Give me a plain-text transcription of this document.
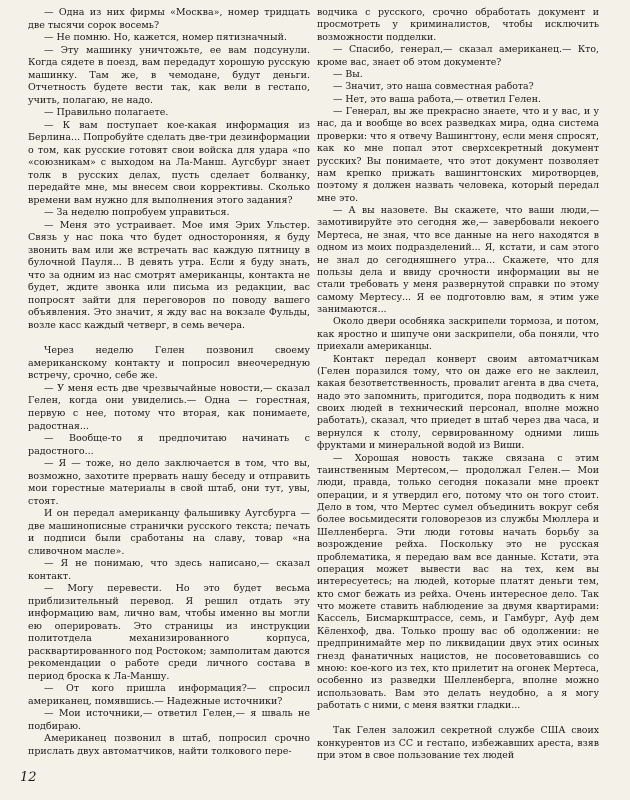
— Одна из них фирмы «Москва», номер тридцать две тысячи сорок восемь?

— Не помню. Но, кажется, номер пятизначный.

— Эту машинку уничтожьте, ее вам подсунули. Когда сядете в поезд, вам передадут хорошую русскую машинку. Там же, в чемодане, будут деньги. Отчетность будете вести так, как вели в гестапо, учить, полагаю, не надо.

— Правильно полагаете.

— К вам поступает кое-какая информация из Берлина... Попробуйте сделать две-три дезинформации о том, как русские готовят свои войска для удара «по «союзникам» с выходом на Ла-Манш. Аугсбург знает толк в русских делах, пусть сделает болванку, передайте мне, мы внесем свои коррективы. Сколько времени вам нужно для выполнения этого задания?

— За неделю попробуем управиться.

— Меня это устраивает. Мое имя Эрих Ульстер. Связь у нас пока что будет односторонняя, я буду звонить вам или же встречать вас каждую пятницу в булочной Пауля... В девять утра. Если я буду знать, что за одним из нас смотрят американцы, контакта не будет, ждите звонка или письма из редакции, вас попросят зайти для переговоров по поводу вашего объявления. Это значит, я жду вас на вокзале Фульды, возле касс каждый четверг, в семь вечера.

Через неделю Гелен позвонил своему американскому контакту и попросил внеочередную встречу, срочно, себе же.

— У меня есть две чрезвычайные новости,— сказал Гелен, когда они увиделись.— Одна — горестная, первую с нее, потому что вторая, как понимаете, радостная...

— Вообще-то я предпочитаю начинать с радостного...

— Я — тоже, но дело заключается в том, что вы, возможно, захотите прервать нашу беседу и отправить мои горестные материалы в свой штаб, они тут, увы, стоят.

И он передал американцу фальшивку Аугсбурга — две машинописные странички русского текста; печать и подписи были сработаны на славу, товар «на сливочном масле».

— Я не понимаю, что здесь написано,— сказал контакт.

— Могу перевести. Но это будет весьма приблизительный перевод. Я решил отдать эту информацию вам, лично вам, чтобы именно вы могли ею оперировать. Это страницы из инструкции политотдела механизированного корпуса, расквартированного под Ростоком; замполитам даются рекомендации о работе среди личного состава в период броска к Ла-Маншу.

— От кого пришла информация?— спросил американец, помявшись.— Надежные источники?

— Мои источники,— ответил Гелен,— я шваль не подбираю.

Американец позвонил в штаб, попросил срочно прислать двух автоматчиков, найти толкового пере-

водчика с русского, срочно обработать документ и просмотреть у криминалистов, чтобы исключить возможности подделки.

— Спасибо, генерал,— сказал американец.— Кто, кроме вас, знает об этом документе?

— Вы.

— Значит, это наша совместная работа?

— Нет, это ваша работа,— ответил Гелен.

— Генерал, вы же прекрасно знаете, что и у вас, и у нас, да и вообще во всех разведках мира, одна система проверки: что я отвечу Вашингтону, если меня спросят, как ко мне попал этот сверхсекретный документ русских? Вы понимаете, что этот документ позволяет нам крепко прижать вашингтонских миротворцев, поэтому я должен назвать человека, который передал мне это.

— А вы назовете. Вы скажете, что ваши люди,— замотивируйте это сегодня же,— завербовали некоего Мертеса, не зная, что все данные на него находятся в одном из моих подразделений... Я, кстати, и сам этого не знал до сегодняшнего утра... Скажете, что для пользы дела и ввиду срочности информации вы не стали требовать у меня развернутой справки по этому самому Мертесу... Я ее подготовлю вам, я этим уже занимаются...

Около двери особняка заскрипели тормоза, и потом, как яростно и шипуче они заскрипели, оба поняли, что приехали американцы.

Контакт передал конверт своим автоматчикам (Гелен поразился тому, что он даже его не заклеил, какая безответственность, провалит агента в два счета, надо это запомнить, пригодится, пора подводить к ним своих людей в технический персонал, вполне можно работать), сказал, что приедет в штаб через два часа, и вернулся к столу, сервированному одними лишь фруктами и минеральной водой из Виши.

— Хорошая новость также связана с этим таинственным Мертесом,— продолжал Гелен.— Мои люди, правда, только сегодня показали мне проект операции, и я утвердил его, потому что он того стоит. Дело в том, что Мертес сумел объединить вокруг себя более восьмидесяти головорезов из службы Мюллера и Шелленберга. Эти люди готовы начать борьбу за возрождение рейха. Поскольку это не русская проблематика, я передаю вам все данные. Кстати, эта операция может вывести вас на тех, кем вы интересуетесь; на людей, которые платят деньги тем, кто смог бежать из рейха. Очень интересное дело. Так что можете ставить наблюдение за двумя квартирами: Кассель, Бисмаркштрассе, семь, и Гамбург, Ауф дем Кёленхоф, два. Только прошу вас об одолжении: не предпринимайте мер по ликвидации двух этих осиных гнезд фанатичных нацистов, не посоветовавшись со мною: кое-кого из тех, кто прилетит на огонек Мертеса, особенно из разведки Шелленберга, вполне можно использовать. Вам это делать неудобно, а я могу работать с ними, с меня взятки гладки...

Так Гелен заложил секретной службе США своих конкурентов из СС и гестапо, избежавших ареста, взяв при этом в свое пользование тех людей

12
